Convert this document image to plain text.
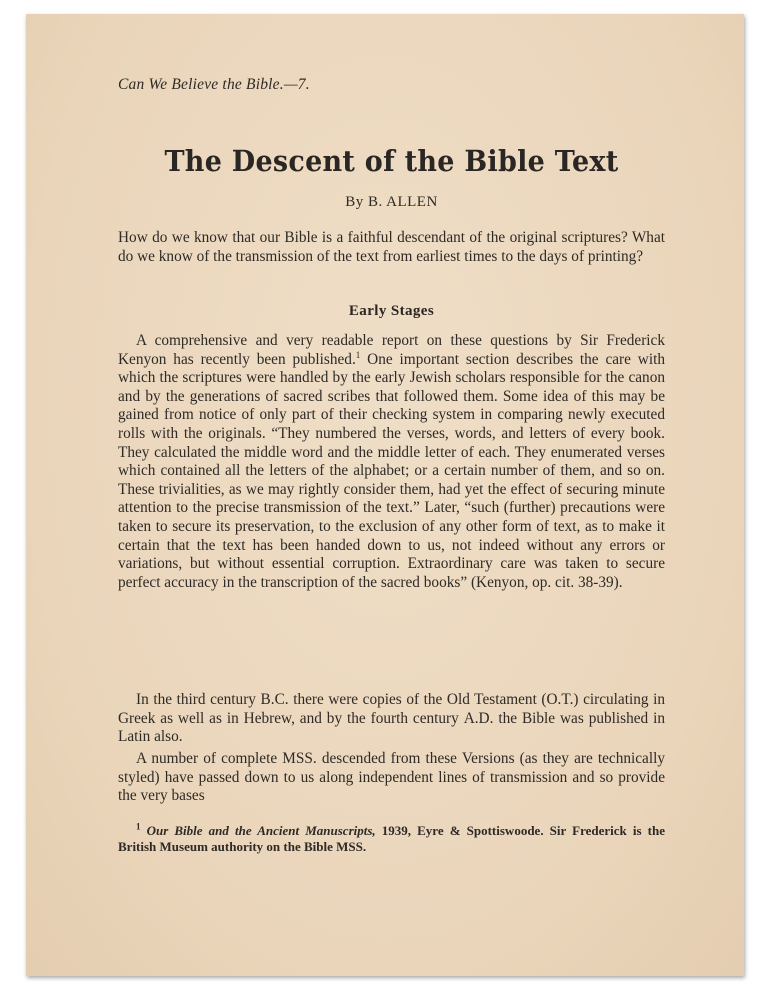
Can We Believe the Bible.—7.
The Descent of the Bible Text
By B. ALLEN
How do we know that our Bible is a faithful descendant of the original scriptures? What do we know of the transmission of the text from earliest times to the days of printing?
Early Stages
A comprehensive and very readable report on these questions by Sir Frederick Kenyon has recently been published.$^1$ One important section describes the care with which the scriptures were handled by the early Jewish scholars responsible for the canon and by the generations of sacred scribes that followed them. Some idea of this may be gained from notice of only part of their checking system in comparing newly executed rolls with the originals. “They numbered the verses, words, and letters of every book. They calculated the middle word and the middle letter of each. They enumerated verses which contained all the letters of the alphabet; or a certain number of them, and so on. These trivialities, as we may rightly consider them, had yet the effect of securing minute attention to the precise transmission of the text.” Later, “such (further) precautions were taken to secure its preservation, to the exclusion of any other form of text, as to make it certain that the text has been handed down to us, not indeed without any errors or variations, but without essential corruption. Extraordinary care was taken to secure perfect accuracy in the transcription of the sacred books” (Kenyon, op. cit. 38-39).
In the third century B.C. there were copies of the Old Testament (O.T.) circulating in Greek as well as in Hebrew, and by the fourth century A.D. the Bible was published in Latin also.
A number of complete MSS. descended from these Versions (as they are technically styled) have passed down to us along independent lines of transmission and so provide the very bases
$^1$ Our Bible and the Ancient Manuscripts, 1939, Eyre & Spottiswoode. Sir Frederick is the British Museum authority on the Bible MSS.
